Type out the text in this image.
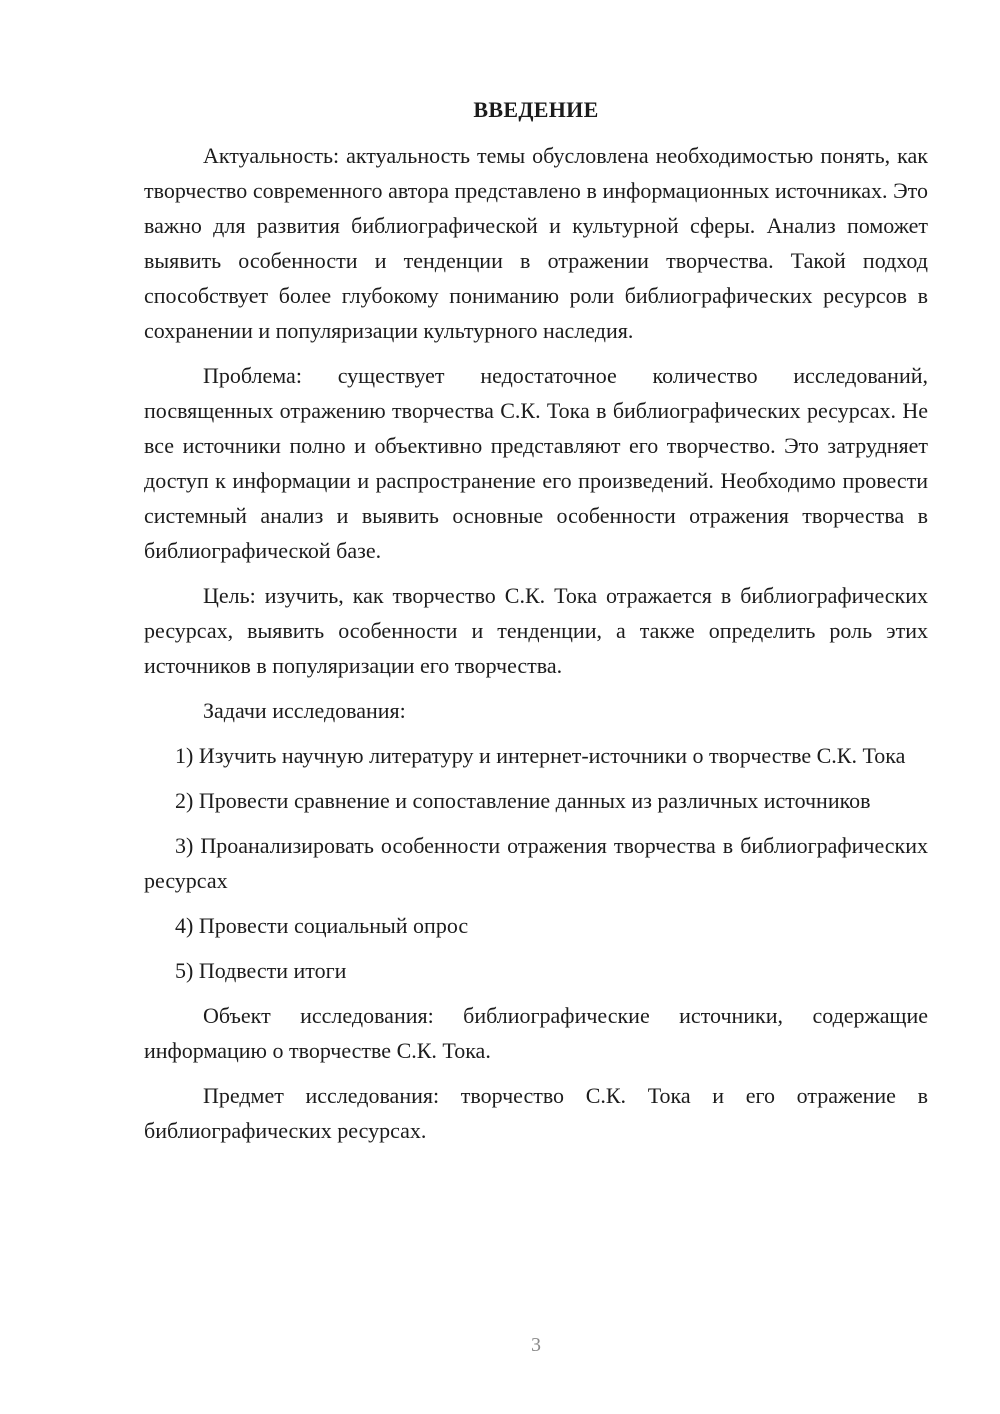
ВВЕДЕНИЕ

Актуальность: актуальность темы обусловлена необходимостью понять, как творчество современного автора представлено в информационных источниках. Это важно для развития библиографической и культурной сферы. Анализ поможет выявить особенности и тенденции в отражении творчества. Такой подход способствует более глубокому пониманию роли библиографических ресурсов в сохранении и популяризации культурного наследия.

Проблема: существует недостаточное количество исследований, посвященных отражению творчества С.К. Тока в библиографических ресурсах. Не все источники полно и объективно представляют его творчество. Это затрудняет доступ к информации и распространение его произведений. Необходимо провести системный анализ и выявить основные особенности отражения творчества в библиографической базе.

Цель: изучить, как творчество С.К. Тока отражается в библиографических ресурсах, выявить особенности и тенденции, а также определить роль этих источников в популяризации его творчества.

Задачи исследования:

1) Изучить научную литературу и интернет-источники о творчестве С.К. Тока

2) Провести сравнение и сопоставление данных из различных источников

3) Проанализировать особенности отражения творчества в библиографических ресурсах

4) Провести социальный опрос

5) Подвести итоги

Объект исследования: библиографические источники, содержащие информацию о творчестве С.К. Тока.

Предмет исследования: творчество С.К. Тока и его отражение в библиографических ресурсах.

3
